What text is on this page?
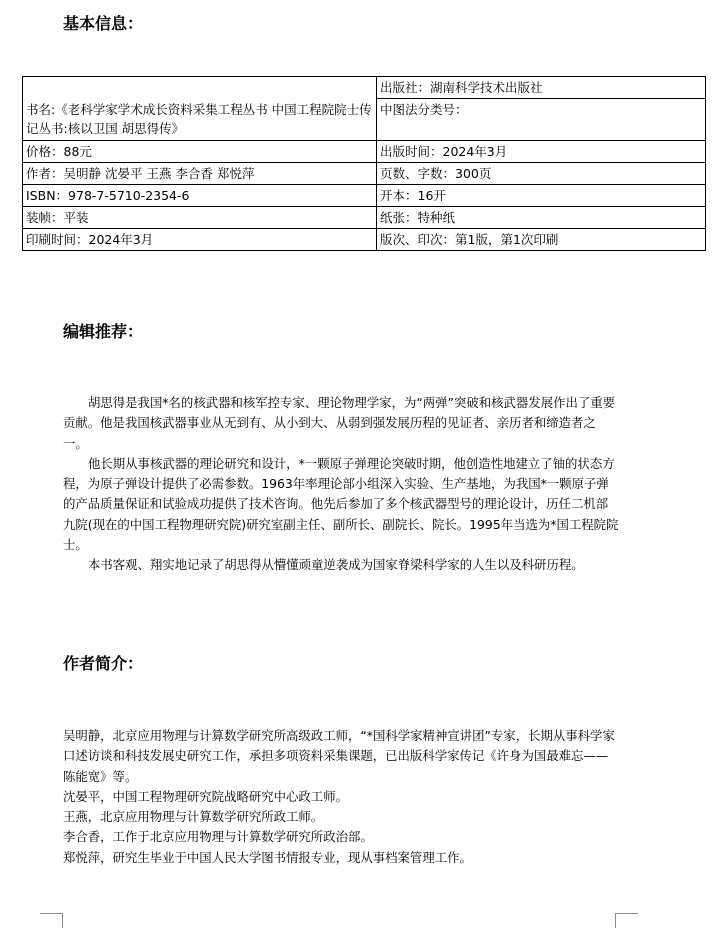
基本信息：
书名:《老科学家学术成长资料采集工程丛书 中国工程院院士传记丛书:核以卫国 胡思得传》	出版社：湖南科学技术出版社
	中图法分类号：
价格：88元	出版时间：2024年3月
作者：吴明静 沈晏平 王燕 李合香 郑悦萍	页数、字数：300页
ISBN：978-7-5710-2354-6	开本：16开
装帧：平装	纸张：特种纸
印刷时间：2024年3月	版次、印次：第1版，第1次印刷
编辑推荐：

胡思得是我国*名的核武器和核军控专家、理论物理学家，为“两弹”突破和核武器发展作出了重要贡献。他是我国核武器事业从无到有、从小到大、从弱到强发展历程的见证者、亲历者和缔造者之一。

他长期从事核武器的理论研究和设计，*一颗原子弹理论突破时期，他创造性地建立了铀的状态方程，为原子弹设计提供了必需参数。1963年率理论部小组深入实验、生产基地，为我国*一颗原子弹的产品质量保证和试验成功提供了技术咨询。他先后参加了多个核武器型号的理论设计，历任二机部九院(现在的中国工程物理研究院)研究室副主任、副所长、副院长、院长。1995年当选为*国工程院院士。

本书客观、翔实地记录了胡思得从懵懂顽童逆袭成为国家脊梁科学家的人生以及科研历程。

作者简介：

吴明静，北京应用物理与计算数学研究所高级政工师，“*国科学家精神宣讲团”专家，长期从事科学家口述访谈和科技发展史研究工作，承担多项资料采集课题，已出版科学家传记《许身为国最难忘——陈能宽》等。

沈晏平，中国工程物理研究院战略研究中心政工师。

王燕，北京应用物理与计算数学研究所政工师。

李合香，工作于北京应用物理与计算数学研究所政治部。

郑悦萍，研究生毕业于中国人民大学图书情报专业，现从事档案管理工作。
